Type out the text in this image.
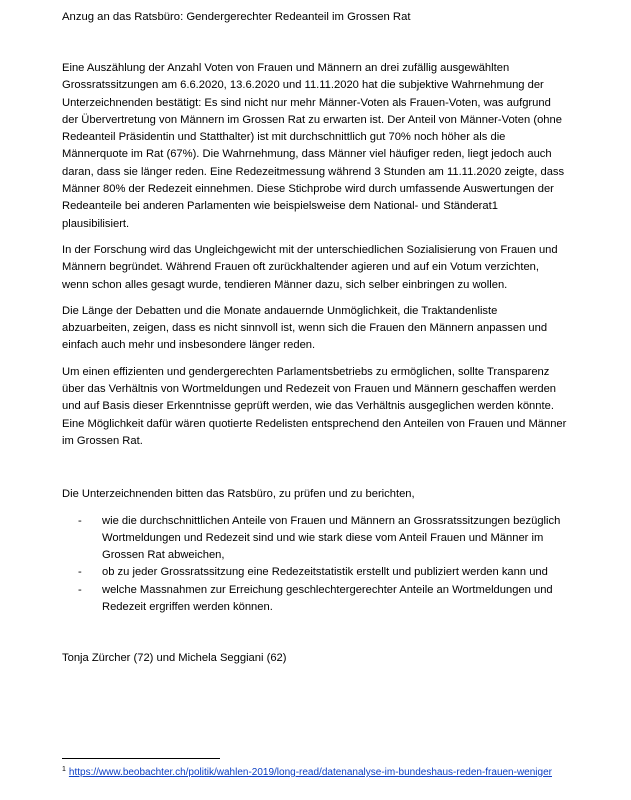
Anzug an das Ratsbüro: Gendergerechter Redeanteil im Grossen Rat

Eine Auszählung der Anzahl Voten von Frauen und Männern an drei zufällig ausgewählten Grossratssitzungen am 6.6.2020, 13.6.2020 und 11.11.2020 hat die subjektive Wahrnehmung der Unterzeichnenden bestätigt: Es sind nicht nur mehr Männer-Voten als Frauen-Voten, was aufgrund der Übervertretung von Männern im Grossen Rat zu erwarten ist. Der Anteil von Männer-Voten (ohne Redeanteil Präsidentin und Statthalter) ist mit durchschnittlich gut 70% noch höher als die Männerquote im Rat (67%). Die Wahrnehmung, dass Männer viel häufiger reden, liegt jedoch auch daran, dass sie länger reden. Eine Redezeitmessung während 3 Stunden am 11.11.2020 zeigte, dass Männer 80% der Redezeit einnehmen. Diese Stichprobe wird durch umfassende Auswertungen der Redeanteile bei anderen Parlamenten wie beispielsweise dem National- und Ständerat1 plausibilisiert.

In der Forschung wird das Ungleichgewicht mit der unterschiedlichen Sozialisierung von Frauen und Männern begründet. Während Frauen oft zurückhaltender agieren und auf ein Votum verzichten, wenn schon alles gesagt wurde, tendieren Männer dazu, sich selber einbringen zu wollen.

Die Länge der Debatten und die Monate andauernde Unmöglichkeit, die Traktandenliste abzuarbeiten, zeigen, dass es nicht sinnvoll ist, wenn sich die Frauen den Männern anpassen und einfach auch mehr und insbesondere länger reden.

Um einen effizienten und gendergerechten Parlamentsbetriebs zu ermöglichen, sollte Transparenz über das Verhältnis von Wortmeldungen und Redezeit von Frauen und Männern geschaffen werden und auf Basis dieser Erkenntnisse geprüft werden, wie das Verhältnis ausgeglichen werden könnte. Eine Möglichkeit dafür wären quotierte Redelisten entsprechend den Anteilen von Frauen und Männer im Grossen Rat.

Die Unterzeichnenden bitten das Ratsbüro, zu prüfen und zu berichten,

- wie die durchschnittlichen Anteile von Frauen und Männern an Grossratssitzungen bezüglich Wortmeldungen und Redezeit sind und wie stark diese vom Anteil Frauen und Männer im Grossen Rat abweichen,
- ob zu jeder Grossratssitzung eine Redezeitstatistik erstellt und publiziert werden kann und
- welche Massnahmen zur Erreichung geschlechtergerechter Anteile an Wortmeldungen und Redezeit ergriffen werden können.

Tonja Zürcher (72) und Michela Seggiani (62)

$^1$ https://www.beobachter.ch/politik/wahlen-2019/long-read/datenanalyse-im-bundeshaus-reden-frauen-weniger
